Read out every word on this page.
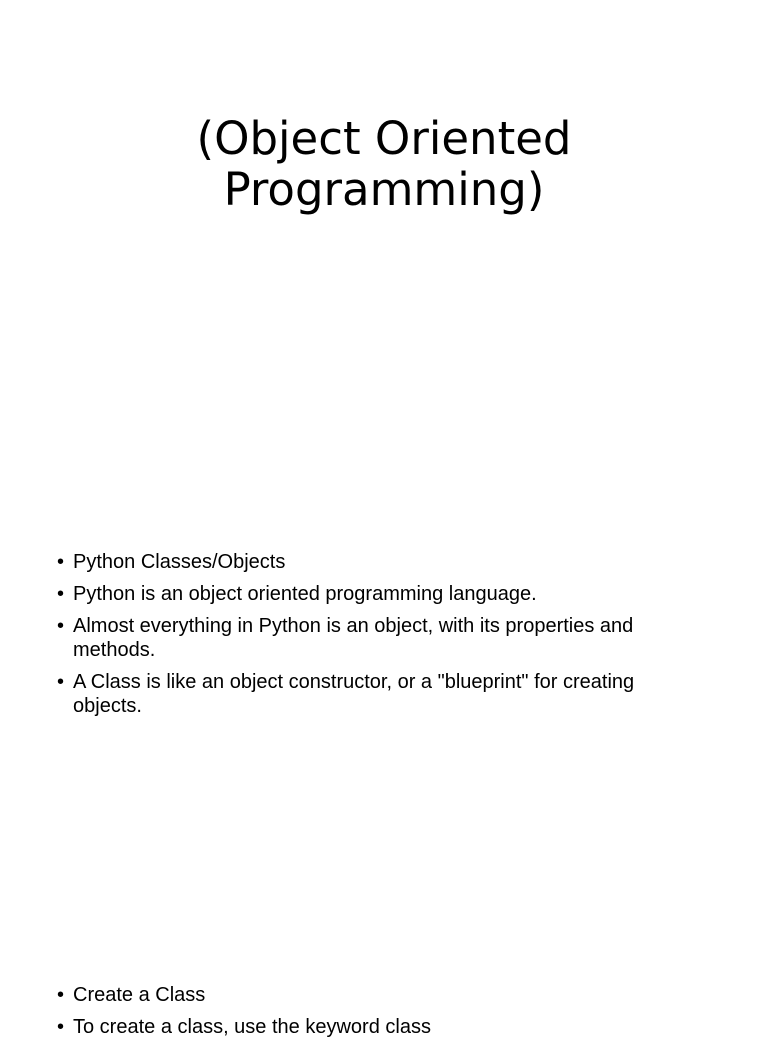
(Object Oriented
Programming)
• Python Classes/Objects
• Python is an object oriented programming language.
• Almost everything in Python is an object, with its properties and methods.
• A Class is like an object constructor, or a "blueprint" for creating objects.
• Create a Class
• To create a class, use the keyword class
